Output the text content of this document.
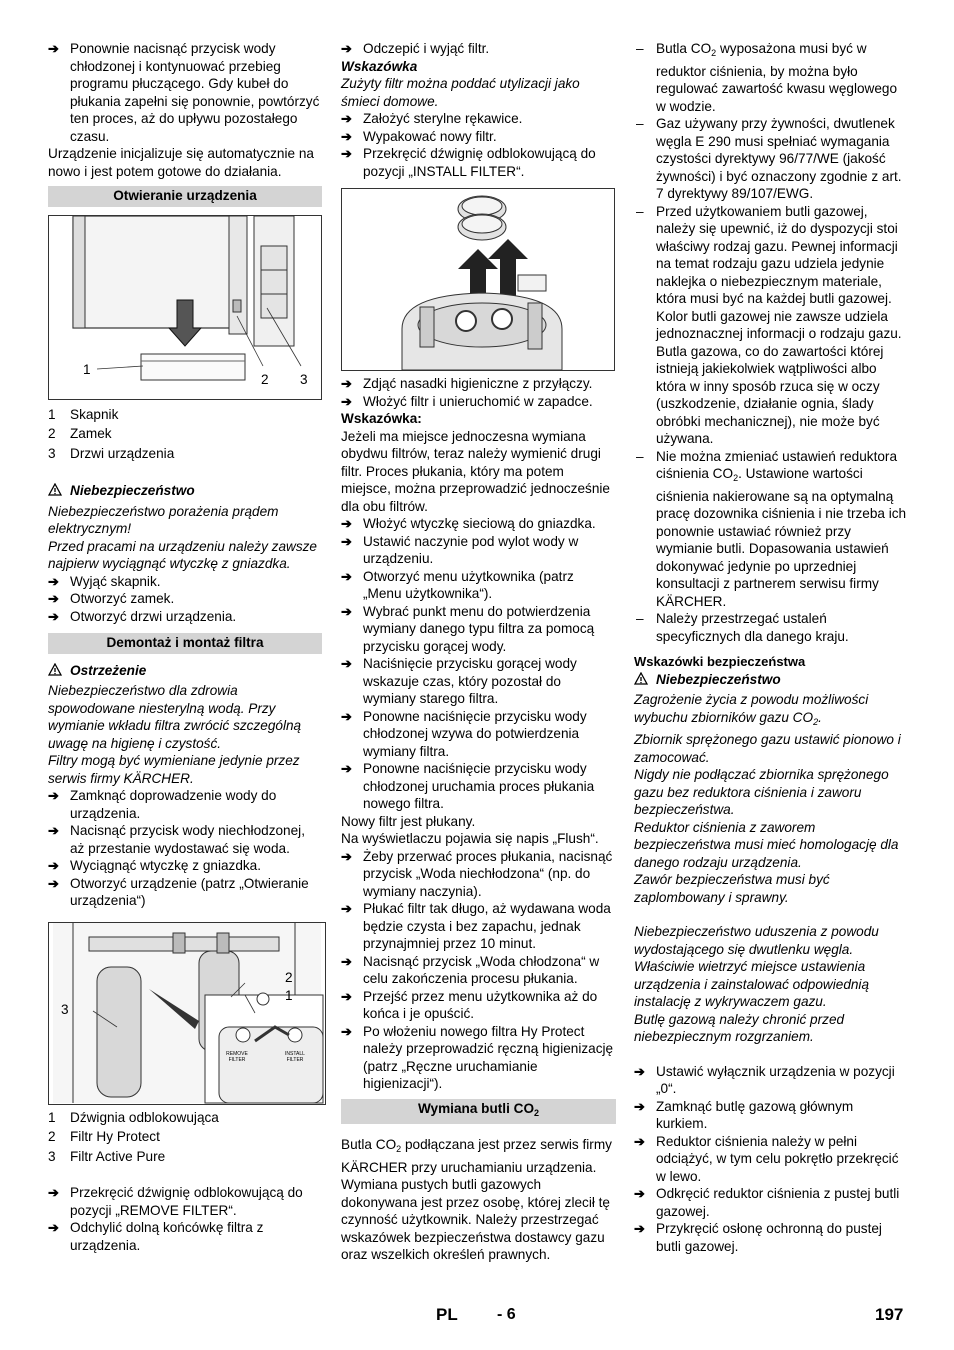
➔ Ponownie nacisnąć przycisk wody chłodzonej i kontynuować przebieg programu płuczącego. Gdy kubeł do płukania zapełni się ponownie, powtórzyć ten proces, aż do upływu pozostałego czasu.

Urządzenie inicjalizuje się automatycznie na nowo i jest potem gotowe do działania.

Otwieranie urządzenia
1
2 3
1	Skapnik
2	Zamek
3	Drzwi urządzenia
Niebezpieczeństwo

Niebezpieczeństwo porażenia prądem elektrycznym!

Przed pracami na urządzeniu należy zawsze najpierw wyciągnąć wtyczkę z gniazdka.

➔ Wyjąć skapnik.

➔ Otworzyć zamek.

➔ Otworzyć drzwi urządzenia.

Demontaż i montaż filtra
Ostrzeżenie

Niebezpieczeństwo dla zdrowia spowodowane niesterylną wodą. Przy wymianie wkładu filtra zwrócić szczególną uwagę na higienę i czystość.

Filtry mogą być wymieniane jedynie przez serwis firmy KÄRCHER.

➔ Zamknąć doprowadzenie wody do urządzenia.

➔ Nacisnąć przycisk wody niechłodzonej, aż przestanie wydostawać się woda.

➔ Wyciągnąć wtyczkę z gniazdka.

➔ Otworzyć urządzenie (patrz „Otwieranie urządzenia“)

3
2
1
REMOVE FILTER
INSTALL FILTER
1	Dźwignia odblokowująca
2	Filtr Hy Protect
3	Filtr Active Pure

➔ Przekręcić dźwignię odblokowującą do pozycji „REMOVE FILTER“.

➔ Odchylić dolną końcówkę filtra z urządzenia.

➔ Odczepić i wyjąć filtr.

Wskazówka

Zużyty filtr można poddać utylizacji jako śmieci domowe.

➔ Założyć sterylne rękawice.

➔ Wypakować nowy filtr.

➔ Przekręcić dźwignię odblokowującą do pozycji „INSTALL FILTER“.

➔ Zdjąć nasadki higieniczne z przyłączy.

➔ Włożyć filtr i unieruchomić w zapadce.

Wskazówka:

Jeżeli ma miejsce jednoczesna wymiana obydwu filtrów, teraz należy wymienić drugi filtr. Proces płukania, który ma potem miejsce, można przeprowadzić jednocześnie dla obu filtrów.

➔ Włożyć wtyczkę sieciową do gniazdka.

➔ Ustawić naczynie pod wylot wody w urządzeniu.

➔ Otworzyć menu użytkownika (patrz „Menu użytkownika“).

➔ Wybrać punkt menu do potwierdzenia wymiany danego typu filtra za pomocą przycisku gorącej wody.

➔ Naciśnięcie przycisku gorącej wody wskazuje czas, który pozostał do wymiany starego filtra.

➔ Ponowne naciśnięcie przycisku wody chłodzonej wzywa do potwierdzenia wymiany filtra.

➔ Ponowne naciśnięcie przycisku wody chłodzonej uruchamia proces płukania nowego filtra.

Nowy filtr jest płukany.

Na wyświetlaczu pojawia się napis „Flush“.

➔ Żeby przerwać proces płukania, nacisnąć przycisk „Woda niechłodzona“ (np. do wymiany naczynia).

➔ Płukać filtr tak długo, aż wydawana woda będzie czysta i bez zapachu, jednak przynajmniej przez 10 minut.

➔ Nacisnąć przycisk „Woda chłodzona“ w celu zakończenia procesu płukania.

➔ Przejść przez menu użytkownika aż do końca i je opuścić.

➔ Po włożeniu nowego filtra Hy Protect należy przeprowadzić ręczną higienizację (patrz „Ręczne uruchamianie higienizacji“).

Wymiana butli $CO_2$

Butla $CO_2$ podłączana jest przez serwis firmy KÄRCHER przy uruchamianiu urządzenia. Wymiana pustych butli gazowych dokonywana jest przez osobę, której zlecił tę czynność użytkownik. Należy przestrzegać wskazówek bezpieczeństwa dostawcy gazu oraz wszelkich określeń prawnych.

– Butla $CO_2$ wyposażona musi być w reduktor ciśnienia, by można było regulować zawartość kwasu węglowego w wodzie.

– Gaz używany przy żywności, dwutlenek węgla E 290 musi spełniać wymagania czystości dyrektywy 96/77/WE (jakość żywności) i być oznaczony zgodnie z art. 7 dyrektywy 89/107/EWG.

– Przed użytkowaniem butli gazowej, należy się upewnić, iż do dyspozycji stoi właściwy rodzaj gazu. Pewnej informacji na temat rodzaju gazu udziela jedynie naklejka o niebezpiecznym materiale, która musi być na każdej butli gazowej. Kolor butli gazowej nie zawsze udziela jednoznacznej informacji o rodzaju gazu. Butla gazowa, co do zawartości której istnieją jakiekolwiek wątpliwości albo która w inny sposób rzuca się w oczy (uszkodzenie, działanie ognia, ślady obróbki mechanicznej), nie może być używana.

– Nie można zmieniać ustawień reduktora ciśnienia $CO_2$. Ustawione wartości ciśnienia nakierowane są na optymalną pracę dozownika ciśnienia i nie trzeba ich ponownie ustawiać również przy wymianie butli. Dopasowania ustawień dokonywać jedynie po uprzedniej konsultacji z partnerem serwisu firmy KÄRCHER.

– Należy przestrzegać ustaleń specyficznych dla danego kraju.

Wskazówki bezpieczeństwa

Niebezpieczeństwo

Zagrożenie życia z powodu możliwości wybuchu zbiorników gazu $CO_2$.

Zbiornik sprężonego gazu ustawić pionowo i zamocować.

Nigdy nie podłączać zbiornika sprężonego gazu bez reduktora ciśnienia i zaworu bezpieczeństwa.

Reduktor ciśnienia z zaworem bezpieczeństwa musi mieć homologację dla danego rodzaju urządzenia.

Zawór bezpieczeństwa musi być zaplombowany i sprawny.

Niebezpieczeństwo uduszenia z powodu wydostającego się dwutlenku węgla.

Właściwie wietrzyć miejsce ustawienia urządzenia i zainstalować odpowiednią instalację z wykrywaczem gazu.

Butlę gazową należy chronić przed niebezpiecznym rozgrzaniem.

➔ Ustawić wyłącznik urządzenia w pozycji „0“.

➔ Zamknąć butlę gazową głównym kurkiem.

➔ Reduktor ciśnienia należy w pełni odciążyć, w tym celu pokrętło przekręcić w lewo.

➔ Odkręcić reduktor ciśnienia z pustej butli gazowej.

➔ Przykręcić osłonę ochronną do pustej butli gazowej.

PL - 6	197
